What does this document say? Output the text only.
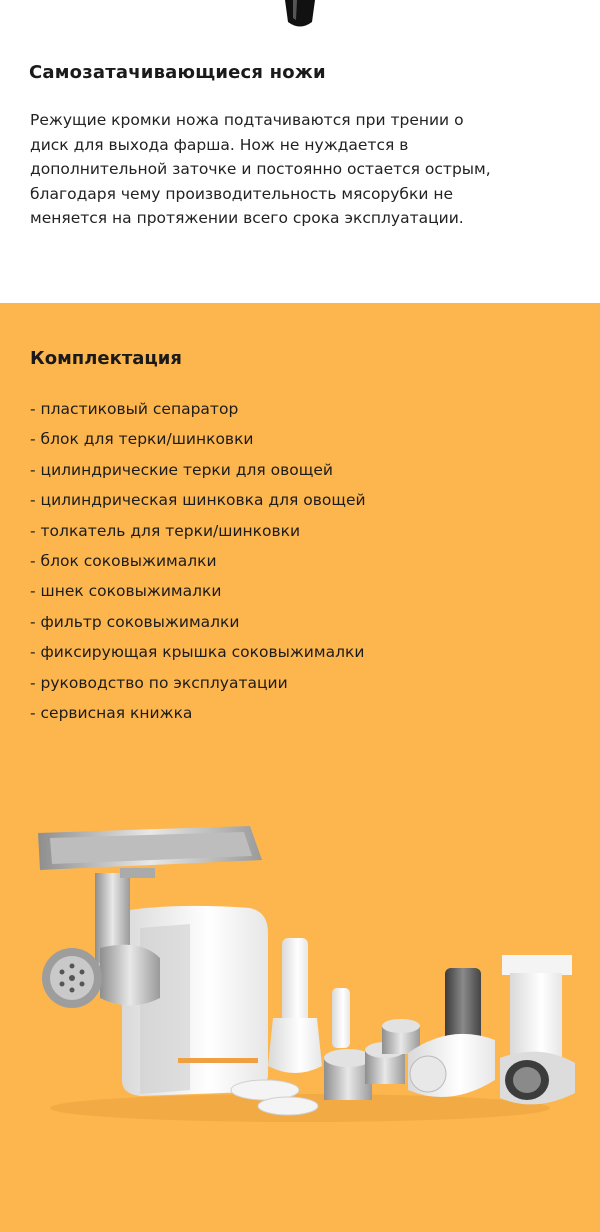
Самозатачивающиеся ножи
Режущие кромки ножа подтачиваются при трении о диск для выхода фарша. Нож не нуждается в дополнительной заточке и постоянно остается острым, благодаря чему производительность мясорубки не меняется на протяжении всего срока эксплуатации.
Комплектация
- пластиковый сепаратор
- блок для терки/шинковки
- цилиндрические терки для овощей
- цилиндрическая шинковка для овощей
- толкатель для терки/шинковки
- блок соковыжималки
- шнек соковыжималки
- фильтр соковыжималки
- фиксирующая крышка соковыжималки
- руководство по эксплуатации
- сервисная книжка
